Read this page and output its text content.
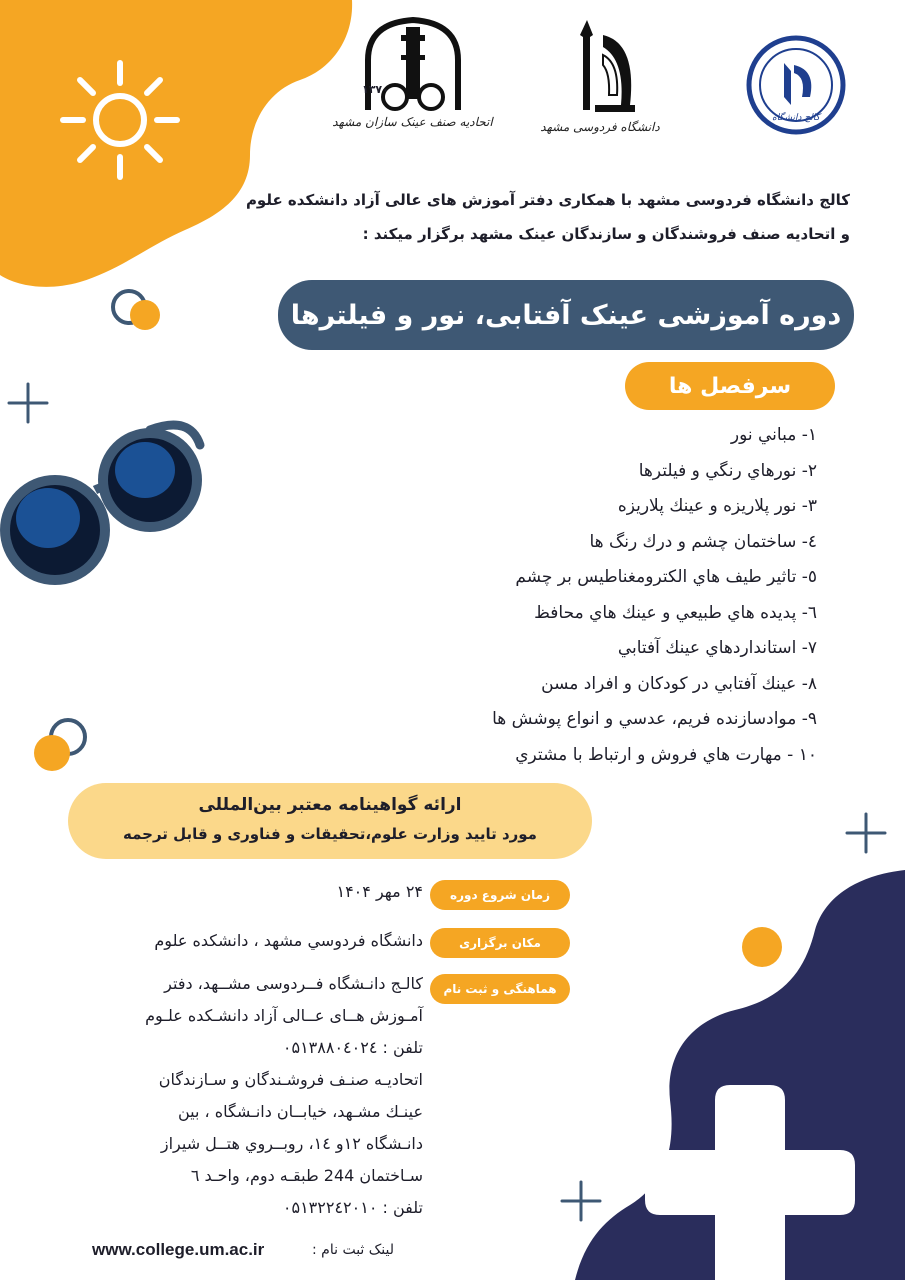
کالج دانشگاه
دانشگاه فردوسی مشهد
۱۳۷۰
اتحادیه صنف عینک سازان مشهد
کالج دانشگاه فردوسی مشهد با همکاری دفتر آموزش های عالی آزاد دانشکده علوم
و اتحادیه صنف فروشندگان و سازندگان عینک مشهد برگزار میکند :
دوره آموزشی عینک آفتابی، نور و فیلترها
سرفصل ها
۱- مباني نور
۲- نورهاي رنگي و فيلترها
۳- نور پلاريزه و عينك پلاريزه
٤- ساختمان چشم و درك رنگ ها
٥- تاثير طيف هاي الكترومغناطيس بر چشم
٦- پديده هاي طبيعي و عينك هاي محافظ
۷- استانداردهاي عينك آفتابي
۸- عينك آفتابي در كودكان و افراد مسن
۹- موادسازنده فريم، عدسي و انواع پوشش ها
۱۰ - مهارت هاي فروش و ارتباط با مشتري
ارائه گواهینامه معتبر بین‌المللی
مورد تایید وزارت علوم،تحقیقات و فناوری و قابل ترجمه
زمان شروع دوره
مکان برگزاری
هماهنگی و ثبت نام
۲۴ مهر ۱۴۰۴
دانشگاه فردوسي مشهد ، دانشكده علوم
كالـج دانـشگاه فــردوسی مشــهد، دفتر
آمـوزش هــای عــالی آزاد دانشـكده علـوم
تلفن : ۰۵۱۳۸۸۰٤۰۲٤
اتحاديـه صنـف فروشـندگان و سـازندگان
عينـك مشـهد، خيابــان دانـشگاه ، بين
دانـشگاه ۱۲و ۱٤، روبــروي هتــل شيراز
سـاختمان 244 طبقـه دوم، واحـد ٦
تلفن : ۰۵۱۳۲۲٤۲۰۱۰
لینک ثبت نام :
www.college.um.ac.ir
